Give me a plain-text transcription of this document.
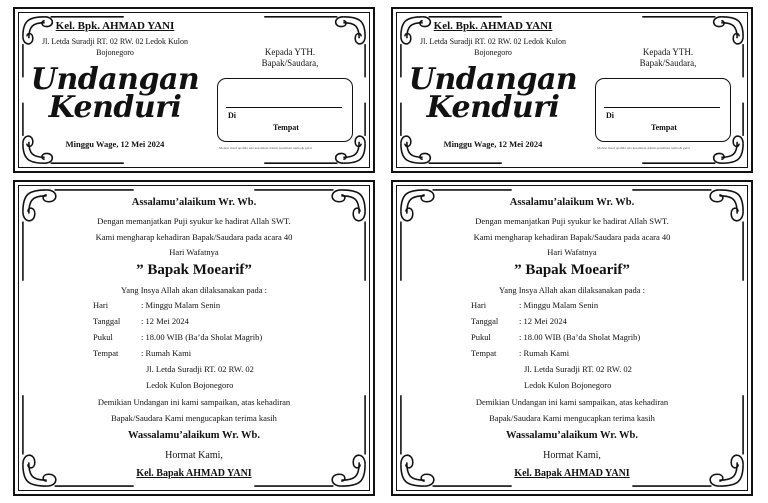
Kel. Bpk. AHMAD YANI
Jl. Letda Suradji RT. 02 RW. 02 Ledok Kulon
Bojonegoro
Undangan
Kenduri
Minggu Wage, 12 Mei 2024
Kepada YTH.
Bapak/Saudara,
Di
Tempat
Mohon maaf apabila ada kesalahan dalam penulisan nama & gelar
Kel. Bpk. AHMAD YANI
Jl. Letda Suradji RT. 02 RW. 02 Ledok Kulon
Bojonegoro
Undangan
Kenduri
Minggu Wage, 12 Mei 2024
Kepada YTH.
Bapak/Saudara,
Di
Tempat
Mohon maaf apabila ada kesalahan dalam penulisan nama & gelar
Assalamu’alaikum Wr. Wb.
Dengan memanjatkan Puji syukur ke hadirat Allah SWT.
Kami mengharap kehadiran Bapak/Saudara pada acara 40
Hari Wafatnya
” Bapak Moearif”
Yang Insya Allah akan dilaksanakan pada :
Hari	: Minggu Malam Senin
Tanggal : 12 Mei 2024
Pukul	: 18.00 WIB (Ba’da Sholat Magrib)
Tempat	: Rumah Kami
Jl. Letda Suradji RT. 02 RW. 02
Ledok Kulon Bojonegoro
Demikian Undangan ini kami sampaikan, atas kehadiran
Bapak/Saudara Kami mengucapkan terima kasih
Wassalamu’alaikum Wr. Wb.
Hormat Kami,
Kel. Bapak AHMAD YANI
Assalamu’alaikum Wr. Wb.
Dengan memanjatkan Puji syukur ke hadirat Allah SWT.
Kami mengharap kehadiran Bapak/Saudara pada acara 40
Hari Wafatnya
” Bapak Moearif”
Yang Insya Allah akan dilaksanakan pada :
Hari	: Minggu Malam Senin
Tanggal : 12 Mei 2024
Pukul	: 18.00 WIB (Ba’da Sholat Magrib)
Tempat	: Rumah Kami
Jl. Letda Suradji RT. 02 RW. 02
Ledok Kulon Bojonegoro
Demikian Undangan ini kami sampaikan, atas kehadiran
Bapak/Saudara Kami mengucapkan terima kasih
Wassalamu’alaikum Wr. Wb.
Hormat Kami,
Kel. Bapak AHMAD YANI
